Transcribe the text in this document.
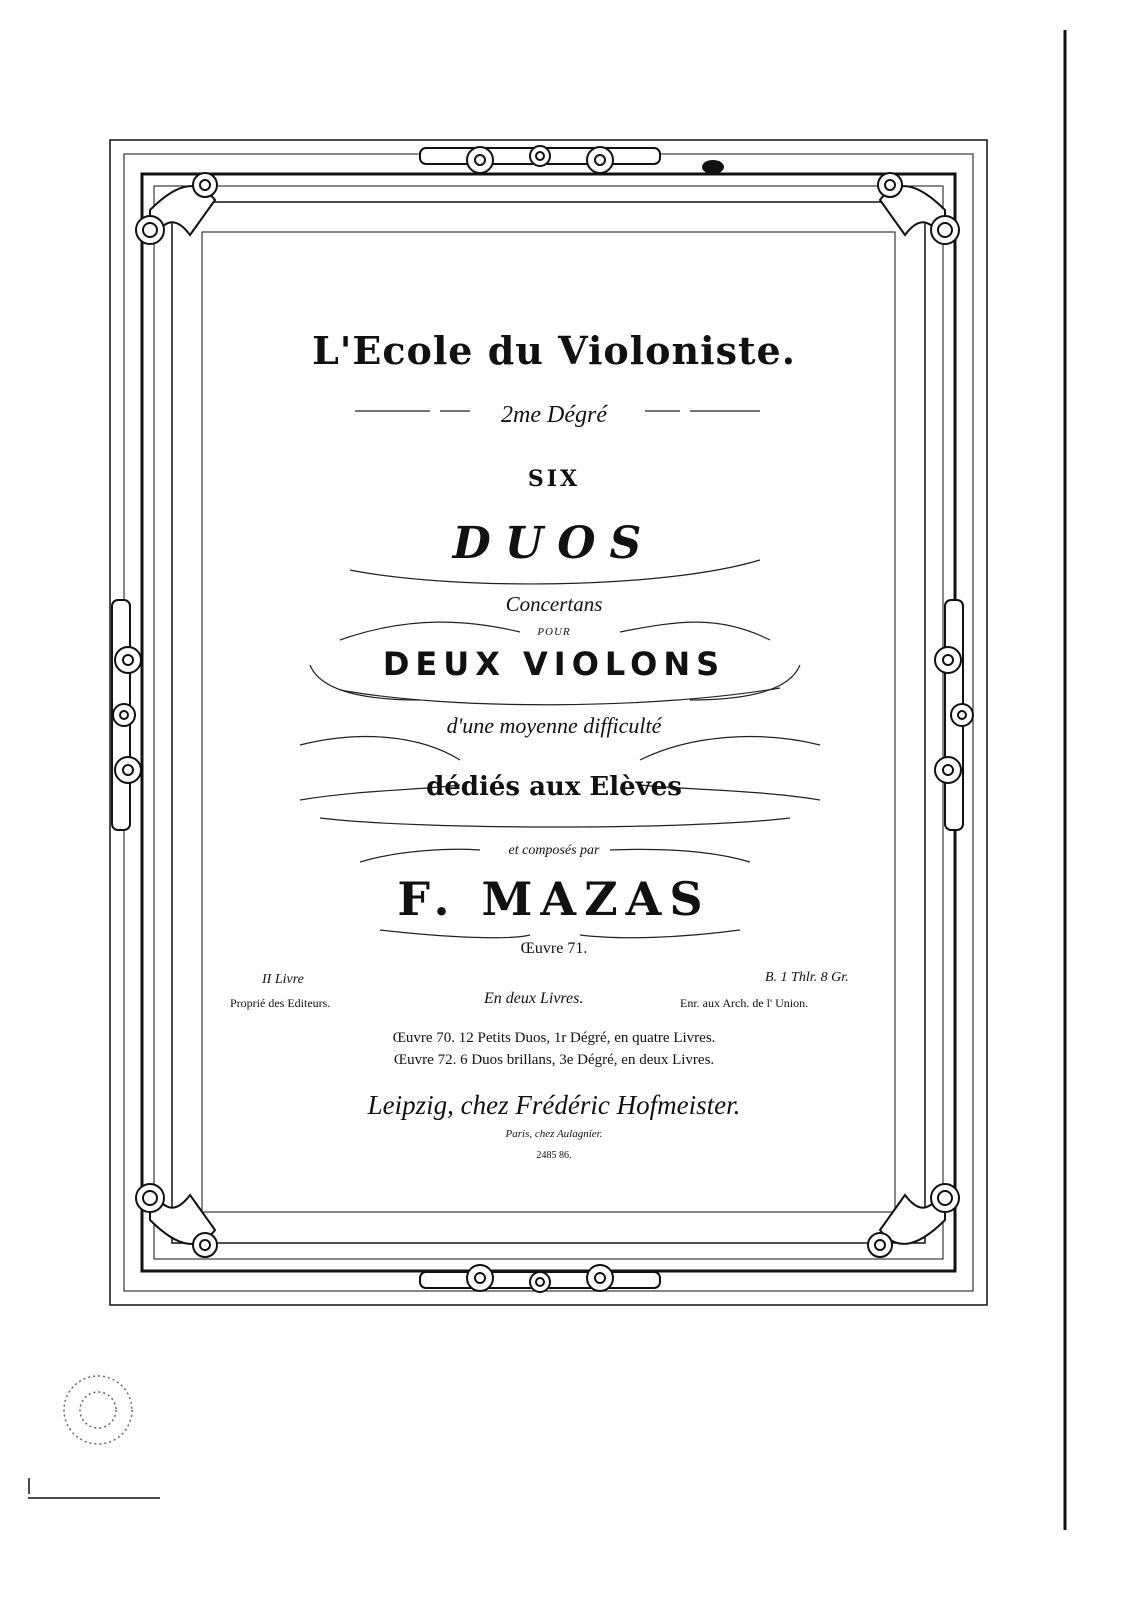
L'Ecole du Violoniste.
2me Dégré
SIX
DUOS
Concertans
POUR
DEUX VIOLONS
d'une moyenne difficulté
dédiés aux Elèves
et composés par
F. MAZAS
Œuvre 71.
II Livre
Proprié des Editeurs.	En deux Livres.
B. 1 Thlr. 8 Gr.
Enr. aux Arch. de l' Union.
Œuvre 70. 12 Petits Duos, 1r Dégré, en quatre Livres.
Œuvre 72. 6 Duos brillans, 3e Dégré, en deux Livres.
Leipzig, chez Frédéric Hofmeister.
Paris, chez Aulagnier.
2485 86.
